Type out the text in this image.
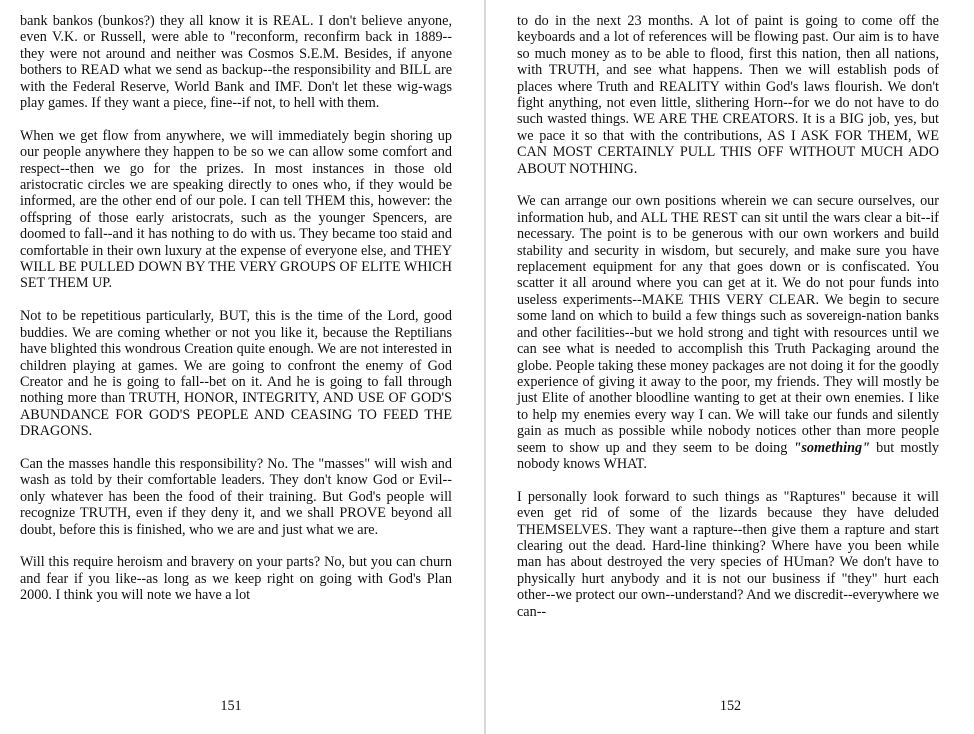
bank bankos (bunkos?) they all know it is REAL. I don't believe anyone, even V.K. or Russell, were able to "reconform, reconfirm back in 1889--they were not around and neither was Cosmos S.E.M. Besides, if anyone bothers to READ what we send as backup--the responsibility and BILL are with the Federal Reserve, World Bank and IMF. Don't let these wig-wags play games. If they want a piece, fine--if not, to hell with them.

When we get flow from anywhere, we will immediately begin shoring up our people anywhere they happen to be so we can allow some comfort and respect--then we go for the prizes. In most instances in those old aristocratic circles we are speaking directly to ones who, if they would be informed, are the other end of our pole. I can tell THEM this, however: the offspring of those early aristocrats, such as the younger Spencers, are doomed to fall--and it has nothing to do with us. They became too staid and comfortable in their own luxury at the expense of everyone else, and THEY WILL BE PULLED DOWN BY THE VERY GROUPS OF ELITE WHICH SET THEM UP.

Not to be repetitious particularly, BUT, this is the time of the Lord, good buddies. We are coming whether or not you like it, because the Reptilians have blighted this wondrous Creation quite enough. We are not interested in children playing at games. We are going to confront the enemy of God Creator and he is going to fall--bet on it. And he is going to fall through nothing more than TRUTH, HONOR, INTEGRITY, AND USE OF GOD'S ABUNDANCE FOR GOD'S PEOPLE AND CEASING TO FEED THE DRAGONS.

Can the masses handle this responsibility? No. The "masses" will wish and wash as told by their comfortable leaders. They don't know God or Evil--only whatever has been the food of their training. But God's people will recognize TRUTH, even if they deny it, and we shall PROVE beyond all doubt, before this is finished, who we are and just what we are.

Will this require heroism and bravery on your parts? No, but you can churn and fear if you like--as long as we keep right on going with God's Plan 2000. I think you will note we have a lot

151

to do in the next 23 months. A lot of paint is going to come off the keyboards and a lot of references will be flowing past. Our aim is to have so much money as to be able to flood, first this nation, then all nations, with TRUTH, and see what happens. Then we will establish pods of places where Truth and REALITY within God's laws flourish. We don't fight anything, not even little, slithering Horn--for we do not have to do such wasted things. WE ARE THE CREATORS. It is a BIG job, yes, but we pace it so that with the contributions, AS I ASK FOR THEM, WE CAN MOST CERTAINLY PULL THIS OFF WITHOUT MUCH ADO ABOUT NOTHING.

We can arrange our own positions wherein we can secure ourselves, our information hub, and ALL THE REST can sit until the wars clear a bit--if necessary. The point is to be generous with our own workers and build stability and security in wisdom, but securely, and make sure you have replacement equipment for any that goes down or is confiscated. You scatter it all around where you can get at it. We do not pour funds into useless experiments--MAKE THIS VERY CLEAR. We begin to secure some land on which to build a few things such as sovereign-nation banks and other facilities--but we hold strong and tight with resources until we can see what is needed to accomplish this Truth Packaging around the globe. People taking these money packages are not doing it for the goodly experience of giving it away to the poor, my friends. They will mostly be just Elite of another bloodline wanting to get at their own enemies. I like to help my enemies every way I can. We will take our funds and silently gain as much as possible while nobody notices other than more people seem to show up and they seem to be doing "something" but mostly nobody knows WHAT.

I personally look forward to such things as "Raptures" because it will even get rid of some of the lizards because they have deluded THEMSELVES. They want a rapture--then give them a rapture and start clearing out the dead. Hard-line thinking? Where have you been while man has about destroyed the very species of HUman? We don't have to physically hurt anybody and it is not our business if "they" hurt each other--we protect our own--understand? And we discredit--everywhere we can--

152
